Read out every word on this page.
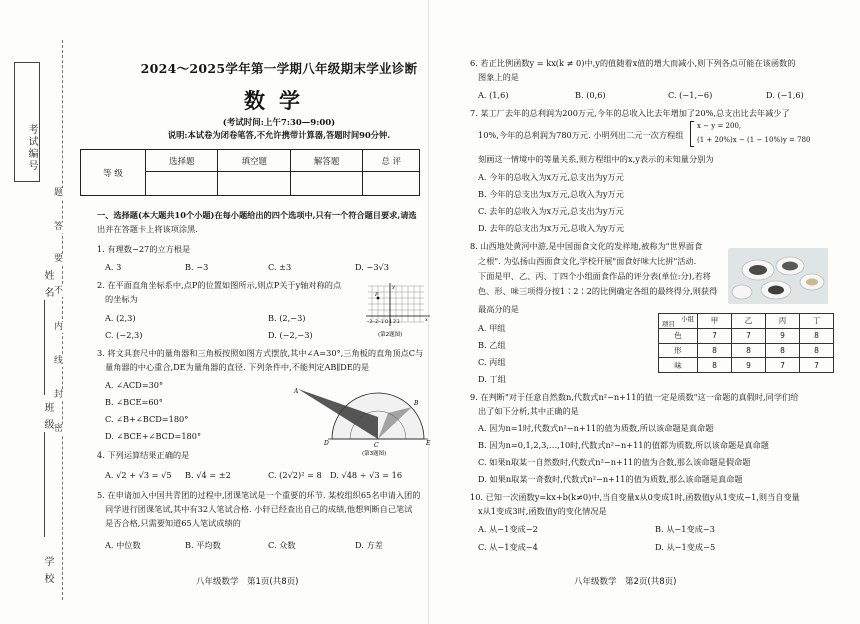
考试编号
姓 名
班 级
学 校
题
答
要
不
内
线
封
密
2024～2025学年第一学期八年级期末学业诊断
数学
(考试时间:上午7:30—9:00)
说明:本试卷为闭卷笔答,不允许携带计算器,答题时间90分钟.
等 级	选择题	填空题	解答题	总 评

一、选择题(本大题共10个小题)在每小题给出的四个选项中,只有一个符合题目要求,请选
出并在答题卡上将该项涂黑.
1. 有理数−27的立方根是
A. 3	B. −3	C. ±3	D. −3√3
2. 在平面直角坐标系中,点P的位置如图所示,则点P关于y轴对称的点
的坐标为
A. (2,3)	B. (2,−3)
C. (−2,3)	D. (−2,−3)
P
x
y
−3−2−1 O 1 2 3
(第2题图)
3. 将文具套尺中的量角器和三角板按照如图方式摆放,其中∠A=30°,三角板的直角顶点C与
量角器的中心重合,DE为量角器的直径. 下列条件中,不能判定AB∥DE的是
A. ∠ACD=30°
B. ∠BCE=60°
C. ∠B+∠BCD=180°
D. ∠BCE+∠BCD=180°
A
C
D	E
B
(第3题图)
4. 下列运算结果正确的是
A. √2 + √3 = √5 B. √4 = ±2	C. (2√2)² = 8 D. √48 ÷ √3 = 16
5. 在申请加入中国共青团的过程中,团课笔试是一个重要的环节. 某校组织65名申请入团的
同学进行团课笔试,其中有32人笔试合格. 小轩已经查出自己的成绩,他想判断自己笔试
是否合格,只需要知道65人笔试成绩的
A. 中位数	B. 平均数	C. 众数	D. 方差
八年级数学　第1页(共8页)
6. 若正比例函数y = kx(k ≠ 0)中,y的值随着x值的增大而减小,则下列各点可能在该函数的
图象上的是
A. (1,6)	B. (0,6)	C. (−1,−6)	D. (−1,6)
7. 某工厂去年的总利润为200万元,今年的总收入比去年增加了20%,总支出比去年减少了
10%,今年的总利润为780万元. 小明列出二元一次方程组
x − y = 200,
(1 + 20%)x − (1 − 10%)y = 780
刻画这一情境中的等量关系,则方程组中的x,y表示的未知量分别为
A. 今年的总收入为x万元,总支出为y万元
B. 今年的总支出为x万元,总收入为y万元
C. 去年的总收入为x万元,总支出为y万元
D. 去年的总支出为x万元,总收入为y万元
8. 山西地处黄河中游,是中国面食文化的发祥地,被称为"世界面食
之根". 为弘扬山西面食文化,学校开展"面食好味大比拼"活动.
下面是甲、乙、丙、丁四个小组面食作品的评分表(单位:分),若将
色、形、味三项得分按1∶2∶2的比例确定各组的最终得分,则获得
最高分的是
A. 甲组
B. 乙组
C. 丙组
D. 丁组
小组
项目	甲	乙	丙	丁
色	7	7	9	8
形	8	8	8	8
味	8	9	7	7
9. 在判断"对于任意自然数n,代数式n²−n+11的值一定是质数"这一命题的真假时,同学们给
出了如下分析,其中正确的是
A. 因为n=1时,代数式n²−n+11的值为质数,所以该命题是真命题
B. 因为n=0,1,2,3,…,10时,代数式n²−n+11的值都为质数,所以该命题是真命题
C. 如果n取某一自然数时,代数式n²−n+11的值为合数,那么该命题是假命题
D. 如果n取某一奇数时,代数式n²−n+11的值为质数,那么该命题是真命题
10. 已知一次函数y=kx+b(k≠0)中,当自变量x从0变成1时,函数值y从1变成−1,则当自变量
x从1变成3时,函数值y的变化情况是
A. 从−1变成−2	B. 从−1变成−3
C. 从−1变成−4	D. 从−1变成−5
八年级数学　第2页(共8页)
